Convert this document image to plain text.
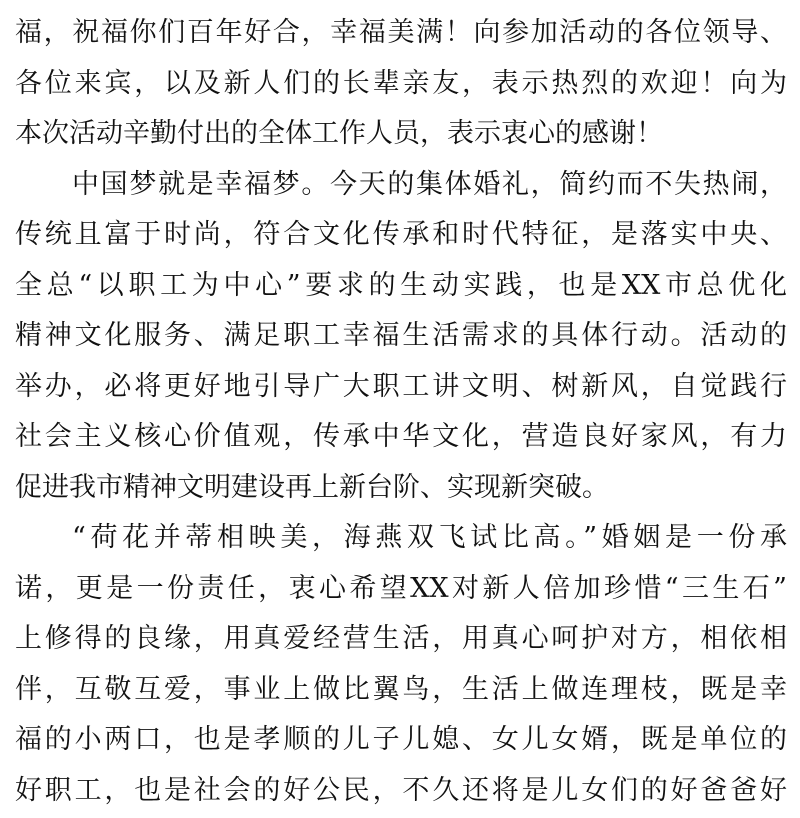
福，祝福你们百年好合，幸福美满！向参加活动的各位领导、
各位来宾，以及新人们的长辈亲友，表示热烈的欢迎！向为
本次活动辛勤付出的全体工作人员，表示衷心的感谢！
中国梦就是幸福梦。今天的集体婚礼，简约而不失热闹，
传统且富于时尚，符合文化传承和时代特征，是落实中央、
全总“以职工为中心”要求的生动实践，也是XX市总优化
精神文化服务、满足职工幸福生活需求的具体行动。活动的
举办，必将更好地引导广大职工讲文明、树新风，自觉践行
社会主义核心价值观，传承中华文化，营造良好家风，有力
促进我市精神文明建设再上新台阶、实现新突破。
“荷花并蒂相映美，海燕双飞试比高。”婚姻是一份承
诺，更是一份责任，衷心希望XX对新人倍加珍惜“三生石”
上修得的良缘，用真爱经营生活，用真心呵护对方，相依相
伴，互敬互爱，事业上做比翼鸟，生活上做连理枝，既是幸
福的小两口，也是孝顺的儿子儿媳、女儿女婿，既是单位的
好职工，也是社会的好公民，不久还将是儿女们的好爸爸好
